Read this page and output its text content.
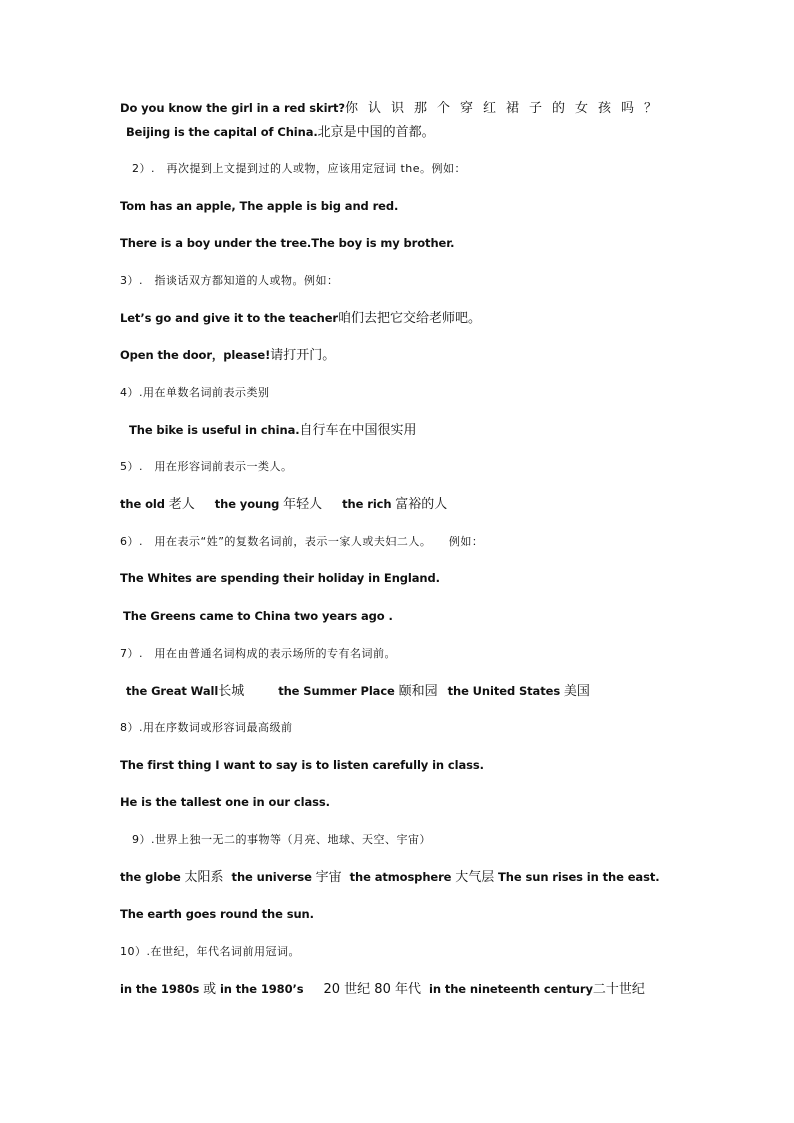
Do you know the girl in a red skirt?你认识那个穿红裙子的女孩吗？
Beijing is the capital of China.北京是中国的首都。
2）.　再次提到上文提到过的人或物，应该用定冠词 the。例如：
Tom has an apple, The apple is big and red.
There is a boy under the tree.The boy is my brother.
3）.　指谈话双方都知道的人或物。例如：
Let’s go and give it to the teacher咱们去把它交给老师吧。
Open the door，please!请打开门。
4）.用在单数名词前表示类别
The bike is useful in china.自行车在中国很实用
5）.　用在形容词前表示一类人。
the old 老人 the young 年轻人 the rich 富裕的人
6）.　用在表示“姓”的复数名词前，表示一家人或夫妇二人。　　例如：
The Whites are spending their holiday in England.
The Greens came to China two years ago .
7）.　用在由普通名词构成的表示场所的专有名词前。
the Great Wall长城	the Summer Place 颐和园 the United States 美国
8）.用在序数词或形容词最高级前
The first thing I want to say is to listen carefully in class.
He is the tallest one in our class.
9）.世界上独一无二的事物等（月亮、地球、天空、宇宙）
the globe 太阳系 the universe 宇宙 the atmosphere 大气层 The sun rises in the east.
The earth goes round the sun.
10）.在世纪，年代名词前用冠词。
in the 1980s 或 in the 1980’s 20 世纪 80 年代 in the nineteenth century二十世纪
